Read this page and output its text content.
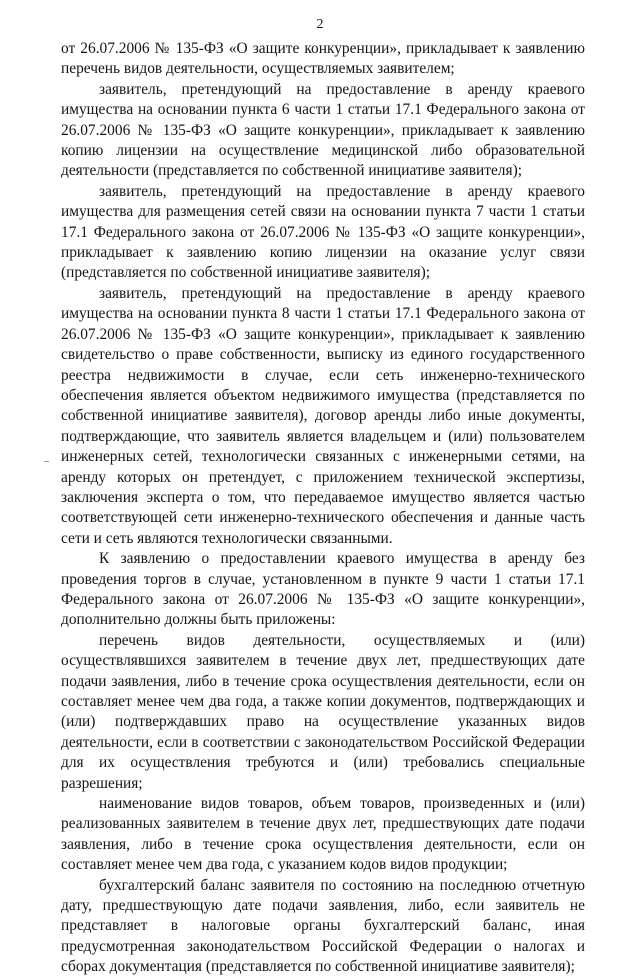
2

от 26.07.2006 № 135-ФЗ «О защите конкуренции», прикладывает к заявлению перечень видов деятельности, осуществляемых заявителем;

заявитель, претендующий на предоставление в аренду краевого имущества на основании пункта 6 части 1 статьи 17.1 Федерального закона от 26.07.2006 № 135-ФЗ «О защите конкуренции», прикладывает к заявлению копию лицензии на осуществление медицинской либо образовательной деятельности (представляется по собственной инициативе заявителя);

заявитель, претендующий на предоставление в аренду краевого имущества для размещения сетей связи на основании пункта 7 части 1 статьи 17.1 Федерального закона от 26.07.2006 № 135-ФЗ «О защите конкуренции», прикладывает к заявлению копию лицензии на оказание услуг связи (представляется по собственной инициативе заявителя);

заявитель, претендующий на предоставление в аренду краевого имущества на основании пункта 8 части 1 статьи 17.1 Федерального закона от 26.07.2006 № 135-ФЗ «О защите конкуренции», прикладывает к заявлению свидетельство о праве собственности, выписку из единого государственного реестра недвижимости в случае, если сеть инженерно-технического обеспечения является объектом недвижимого имущества (представляется по собственной инициативе заявителя), договор аренды либо иные документы, подтверждающие, что заявитель является владельцем и (или) пользователем инженерных сетей, технологически связанных с инженерными сетями, на аренду которых он претендует, с приложением технической экспертизы, заключения эксперта о том, что передаваемое имущество является частью соответствующей сети инженерно-технического обеспечения и данные часть сети и сеть являются технологически связанными.

К заявлению о предоставлении краевого имущества в аренду без проведения торгов в случае, установленном в пункте 9 части 1 статьи 17.1 Федерального закона от 26.07.2006 № 135-ФЗ «О защите конкуренции», дополнительно должны быть приложены:

перечень видов деятельности, осуществляемых и (или) осуществлявшихся заявителем в течение двух лет, предшествующих дате подачи заявления, либо в течение срока осуществления деятельности, если он составляет менее чем два года, а также копии документов, подтверждающих и (или) подтверждавших право на осуществление указанных видов деятельности, если в соответствии с законодательством Российской Федерации для их осуществления требуются и (или) требовались специальные разрешения;

наименование видов товаров, объем товаров, произведенных и (или) реализованных заявителем в течение двух лет, предшествующих дате подачи заявления, либо в течение срока осуществления деятельности, если он составляет менее чем два года, с указанием кодов видов продукции;

бухгалтерский баланс заявителя по состоянию на последнюю отчетную дату, предшествующую дате подачи заявления, либо, если заявитель не представляет в налоговые органы бухгалтерский баланс, иная предусмотренная законодательством Российской Федерации о налогах и сборах документация (представляется по собственной инициативе заявителя);
